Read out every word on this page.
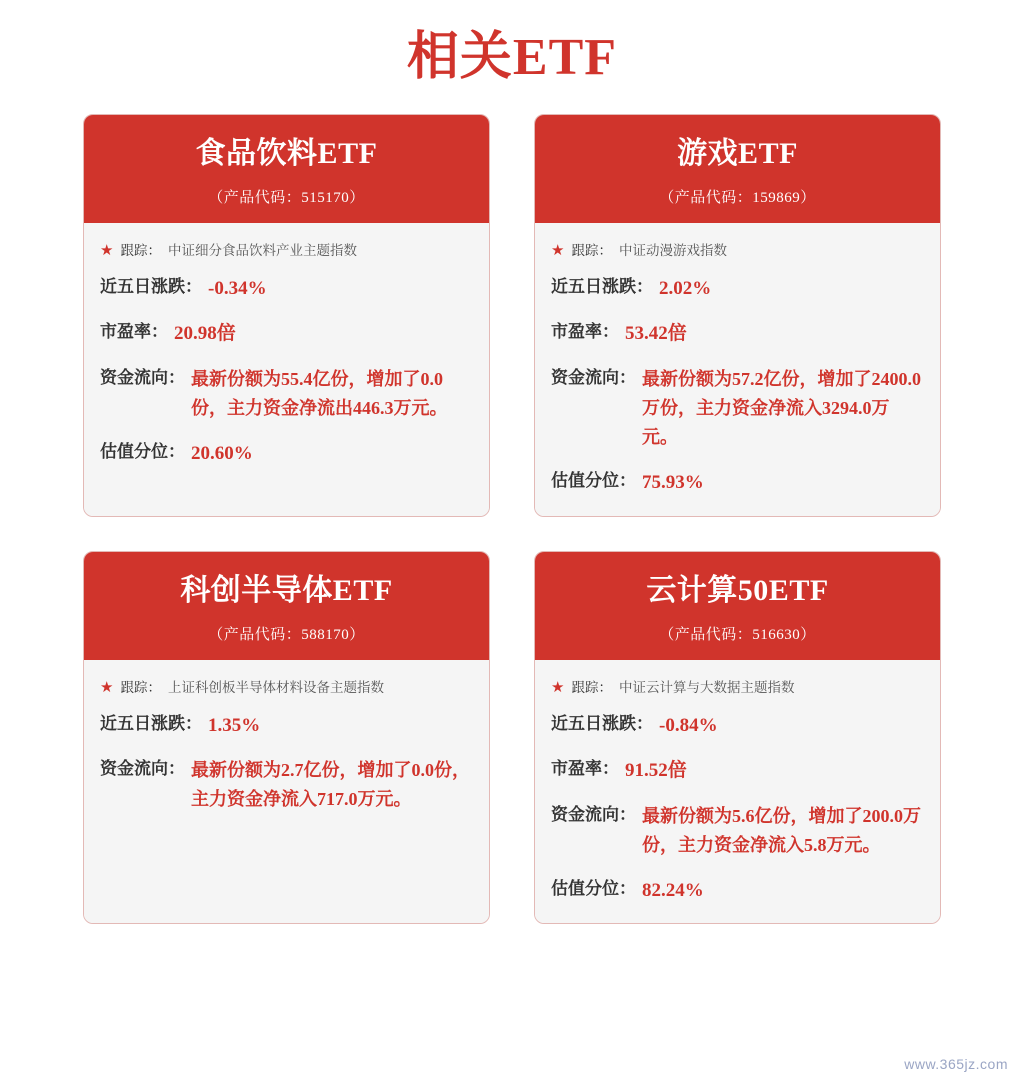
相关ETF
食品饮料ETF
（产品代码：515170）
★ 跟踪： 中证细分食品饮料产业主题指数
近五日涨跌： -0.34%
市盈率： 20.98倍
资金流向： 最新份额为55.4亿份，增加了0.0份，主力资金净流出446.3万元。
估值分位： 20.60%
游戏ETF
（产品代码：159869）
★ 跟踪： 中证动漫游戏指数
近五日涨跌： 2.02%
市盈率： 53.42倍
资金流向： 最新份额为57.2亿份，增加了2400.0万份，主力资金净流入3294.0万元。
估值分位： 75.93%
科创半导体ETF
（产品代码：588170）
★ 跟踪： 上证科创板半导体材料设备主题指数
近五日涨跌： 1.35%
资金流向： 最新份额为2.7亿份，增加了0.0份，主力资金净流入717.0万元。
云计算50ETF
（产品代码：516630）
★ 跟踪： 中证云计算与大数据主题指数
近五日涨跌： -0.84%
市盈率： 91.52倍
资金流向： 最新份额为5.6亿份，增加了200.0万份，主力资金净流入5.8万元。
估值分位： 82.24%
www.365jz.com
